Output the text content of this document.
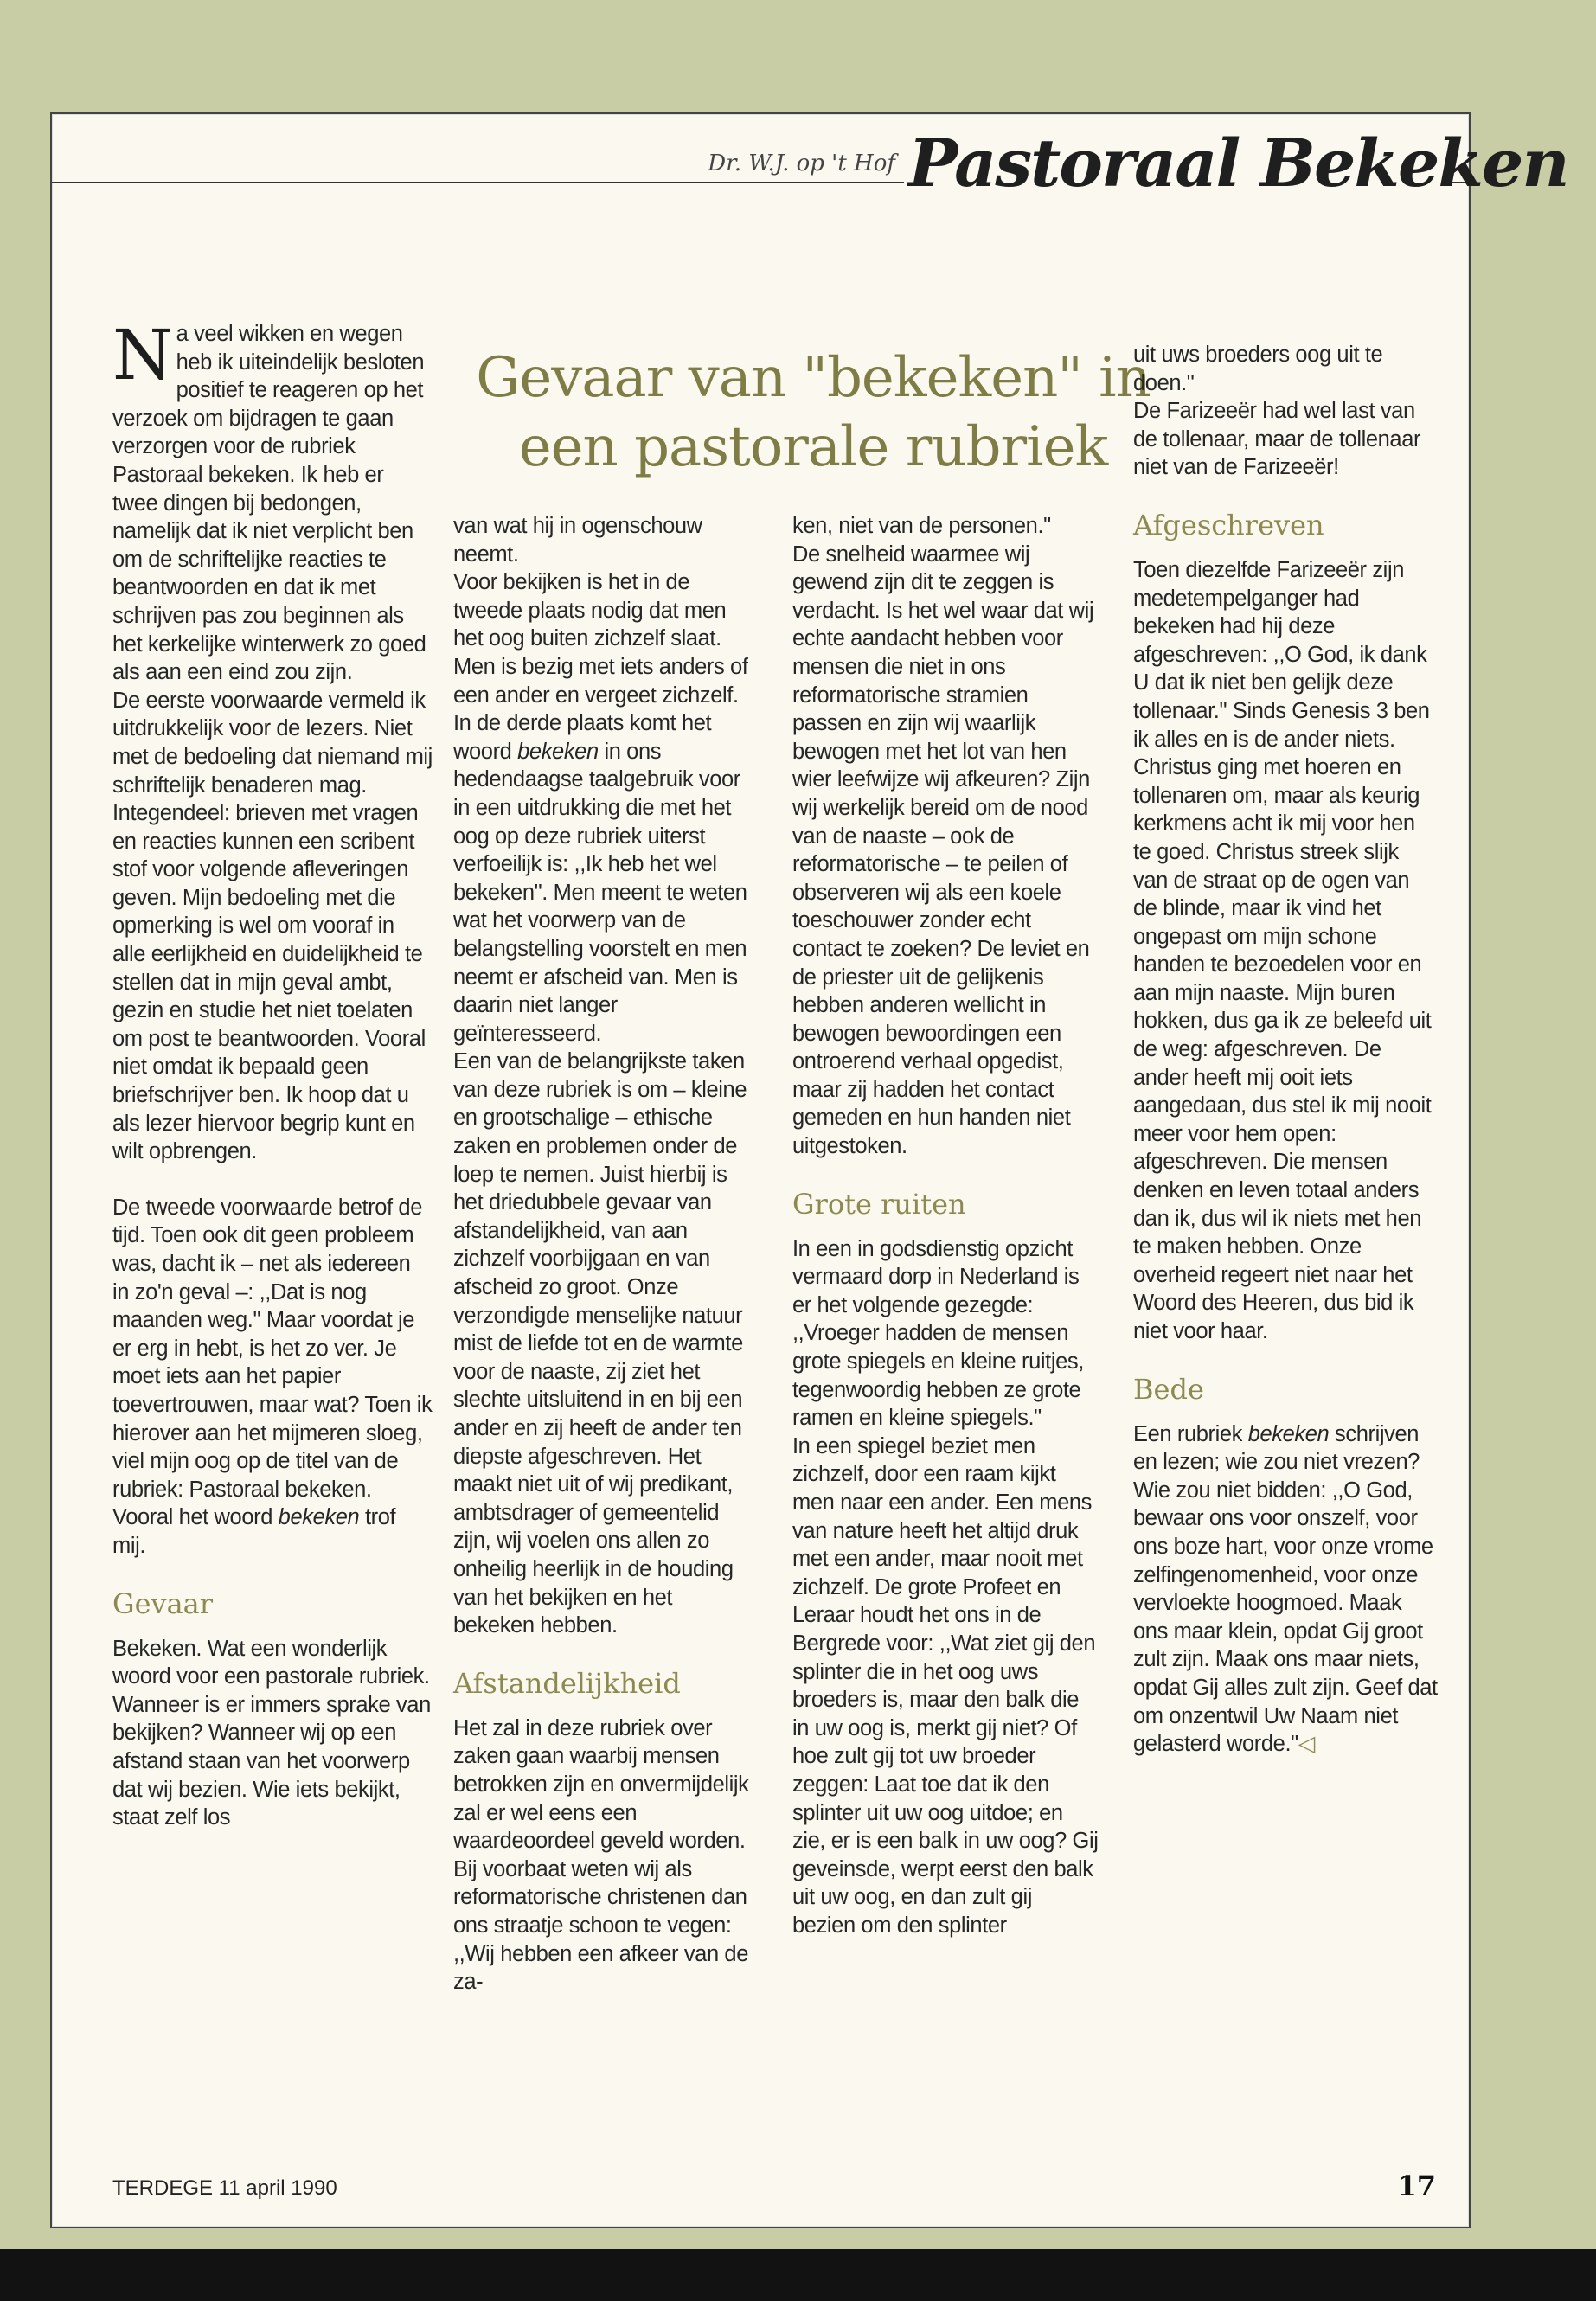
Dr. W.J. op 't Hof Pastoraal Bekeken
Gevaar van "bekeken" in een pastorale rubriek

Na veel wikken en wegen heb ik uiteindelijk besloten positief te reageren op het verzoek om bijdragen te gaan verzorgen voor de rubriek Pastoraal bekeken. Ik heb er twee dingen bij bedongen, namelijk dat ik niet verplicht ben om de schriftelijke reacties te beantwoorden en dat ik met schrijven pas zou beginnen als het kerkelijke winterwerk zo goed als aan een eind zou zijn.

De eerste voorwaarde vermeld ik uitdrukkelijk voor de lezers. Niet met de bedoeling dat niemand mij schriftelijk benaderen mag. Integendeel: brieven met vragen en reacties kunnen een scribent stof voor volgende afleveringen geven. Mijn bedoeling met die opmerking is wel om vooraf in alle eerlijkheid en duidelijkheid te stellen dat in mijn geval ambt, gezin en studie het niet toelaten om post te beantwoorden. Vooral niet omdat ik bepaald geen briefschrijver ben. Ik hoop dat u als lezer hiervoor begrip kunt en wilt opbrengen.

De tweede voorwaarde betrof de tijd. Toen ook dit geen probleem was, dacht ik – net als iedereen in zo'n geval –: ,,Dat is nog maanden weg." Maar voordat je er erg in hebt, is het zo ver. Je moet iets aan het papier toevertrouwen, maar wat? Toen ik hierover aan het mijmeren sloeg, viel mijn oog op de titel van de rubriek: Pastoraal bekeken. Vooral het woord bekeken trof mij.

Gevaar

Bekeken. Wat een wonderlijk woord voor een pastorale rubriek. Wanneer is er immers sprake van bekijken? Wanneer wij op een afstand staan van het voorwerp dat wij bezien. Wie iets bekijkt, staat zelf los

van wat hij in ogenschouw neemt.

Voor bekijken is het in de tweede plaats nodig dat men het oog buiten zichzelf slaat. Men is bezig met iets anders of een ander en vergeet zichzelf.

In de derde plaats komt het woord bekeken in ons hedendaagse taalgebruik voor in een uitdrukking die met het oog op deze rubriek uiterst verfoeilijk is: ,,Ik heb het wel bekeken". Men meent te weten wat het voorwerp van de belangstelling voorstelt en men neemt er afscheid van. Men is daarin niet langer geïnteresseerd.

Een van de belangrijkste taken van deze rubriek is om – kleine en grootschalige – ethische zaken en problemen onder de loep te nemen. Juist hierbij is het driedubbele gevaar van afstandelijkheid, van aan zichzelf voorbijgaan en van afscheid zo groot. Onze verzondigde menselijke natuur mist de liefde tot en de warmte voor de naaste, zij ziet het slechte uitsluitend in en bij een ander en zij heeft de ander ten diepste afgeschreven. Het maakt niet uit of wij predikant, ambtsdrager of gemeentelid zijn, wij voelen ons allen zo onheilig heerlijk in de houding van het bekijken en het bekeken hebben.

Afstandelijkheid

Het zal in deze rubriek over zaken gaan waarbij mensen betrokken zijn en onvermijdelijk zal er wel eens een waardeoordeel geveld worden. Bij voorbaat weten wij als reformatorische christenen dan ons straatje schoon te vegen: ,,Wij hebben een afkeer van de za-

ken, niet van de personen."

De snelheid waarmee wij gewend zijn dit te zeggen is verdacht. Is het wel waar dat wij echte aandacht hebben voor mensen die niet in ons reformatorische stramien passen en zijn wij waarlijk bewogen met het lot van hen wier leefwijze wij afkeuren? Zijn wij werkelijk bereid om de nood van de naaste – ook de reformatorische – te peilen of observeren wij als een koele toeschouwer zonder echt contact te zoeken? De leviet en de priester uit de gelijkenis hebben anderen wellicht in bewogen bewoordingen een ontroerend verhaal opgedist, maar zij hadden het contact gemeden en hun handen niet uitgestoken.

Grote ruiten

In een in godsdienstig opzicht vermaard dorp in Nederland is er het volgende gezegde: ,,Vroeger hadden de mensen grote spiegels en kleine ruitjes, tegenwoordig hebben ze grote ramen en kleine spiegels."

In een spiegel beziet men zichzelf, door een raam kijkt men naar een ander. Een mens van nature heeft het altijd druk met een ander, maar nooit met zichzelf. De grote Profeet en Leraar houdt het ons in de Bergrede voor: ,,Wat ziet gij den splinter die in het oog uws broeders is, maar den balk die in uw oog is, merkt gij niet? Of hoe zult gij tot uw broeder zeggen: Laat toe dat ik den splinter uit uw oog uitdoe; en zie, er is een balk in uw oog? Gij geveinsde, werpt eerst den balk uit uw oog, en dan zult gij bezien om den splinter

uit uws broeders oog uit te doen."

De Farizeeër had wel last van de tollenaar, maar de tollenaar niet van de Farizeeër!

Afgeschreven

Toen diezelfde Farizeeër zijn medetempelganger had bekeken had hij deze afgeschreven: ,,O God, ik dank U dat ik niet ben gelijk deze tollenaar." Sinds Genesis 3 ben ik alles en is de ander niets. Christus ging met hoeren en tollenaren om, maar als keurig kerkmens acht ik mij voor hen te goed. Christus streek slijk van de straat op de ogen van de blinde, maar ik vind het ongepast om mijn schone handen te bezoedelen voor en aan mijn naaste. Mijn buren hokken, dus ga ik ze beleefd uit de weg: afgeschreven. De ander heeft mij ooit iets aangedaan, dus stel ik mij nooit meer voor hem open: afgeschreven. Die mensen denken en leven totaal anders dan ik, dus wil ik niets met hen te maken hebben. Onze overheid regeert niet naar het Woord des Heeren, dus bid ik niet voor haar.

Bede

Een rubriek bekeken schrijven en lezen; wie zou niet vrezen? Wie zou niet bidden: ,,O God, bewaar ons voor onszelf, voor ons boze hart, voor onze vrome zelfingenomenheid, voor onze vervloekte hoogmoed. Maak ons maar klein, opdat Gij groot zult zijn. Maak ons maar niets, opdat Gij alles zult zijn. Geef dat om onzentwil Uw Naam niet gelasterd worde."◁

TERDEGE 11 april 1990	17
